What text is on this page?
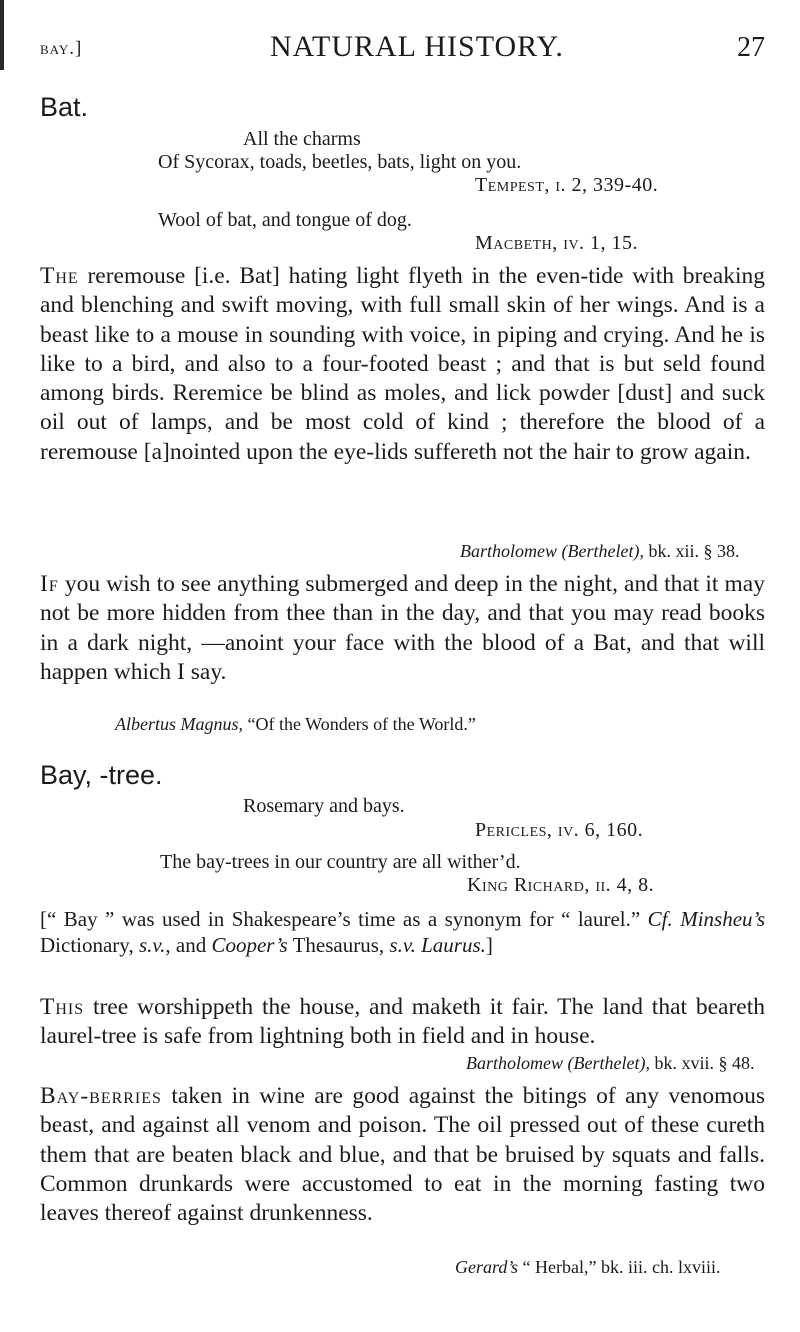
bay.]	NATURAL HISTORY.	27
Bat.
All the charms
Of Sycorax, toads, beetles, bats, light on you.
Tempest, i. 2, 339-40.
Wool of bat, and tongue of dog.
Macbeth, iv. 1, 15.

The reremouse [i.e. Bat] hating light flyeth in the even-tide with breaking and blenching and swift moving, with full small skin of her wings. And is a beast like to a mouse in sounding with voice, in piping and crying. And he is like to a bird, and also to a four-footed beast ; and that is but seld found among birds. Reremice be blind as moles, and lick powder [dust] and suck oil out of lamps, and be most cold of kind ; therefore the blood of a reremouse [a]nointed upon the eye-lids suffereth not the hair to grow again.

Bartholomew (Berthelet), bk. xii. § 38.

If you wish to see anything submerged and deep in the night, and that it may not be more hidden from thee than in the day, and that you may read books in a dark night, —anoint your face with the blood of a Bat, and that will happen which I say.

Albertus Magnus, “Of the Wonders of the World.”
Bay, -tree.
Rosemary and bays.
Pericles, iv. 6, 160.
The bay-trees in our country are all wither’d.
King Richard, ii. 4, 8.

[“ Bay ” was used in Shakespeare’s time as a synonym for “ laurel.” Cf. Minsheu’s Dictionary, s.v., and Cooper’s Thesaurus, s.v. Laurus.]

This tree worshippeth the house, and maketh it fair. The land that beareth laurel-tree is safe from lightning both in field and in house.

Bartholomew (Berthelet), bk. xvii. § 48.

Bay-berries taken in wine are good against the bitings of any venomous beast, and against all venom and poison. The oil pressed out of these cureth them that are beaten black and blue, and that be bruised by squats and falls. Common drunkards were accustomed to eat in the morning fasting two leaves thereof against drunkenness.

Gerard’s “ Herbal,” bk. iii. ch. lxviii.
